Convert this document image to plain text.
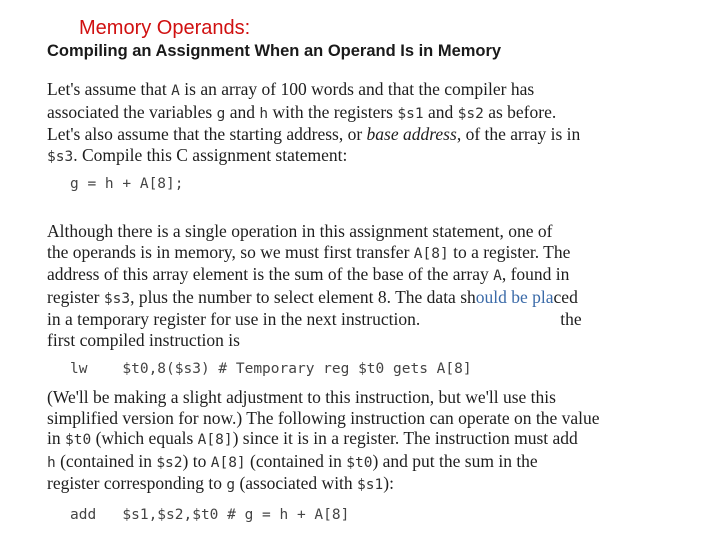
Memory Operands:
Compiling an Assignment When an Operand Is in Memory
Let's assume that A is an array of 100 words and that the compiler has
associated the variables g and h with the registers $s1 and $s2 as before.
Let's also assume that the starting address, or base address, of the array is in
$s3. Compile this C assignment statement:
g = h + A[8];
Although there is a single operation in this assignment statement, one of
the operands is in memory, so we must first transfer A[8] to a register. The
address of this array element is the sum of the base of the array A, found in
register $s3, plus the number to select element 8. The data should be placed
in a temporary register for use in the next instruction.	the
first compiled instruction is
lw    $t0,8($s3) # Temporary reg $t0 gets A[8]
(We'll be making a slight adjustment to this instruction, but we'll use this
simplified version for now.) The following instruction can operate on the value
in $t0 (which equals A[8]) since it is in a register. The instruction must add
h (contained in $s2) to A[8] (contained in $t0) and put the sum in the
register corresponding to g (associated with $s1):
add   $s1,$s2,$t0 # g = h + A[8]
